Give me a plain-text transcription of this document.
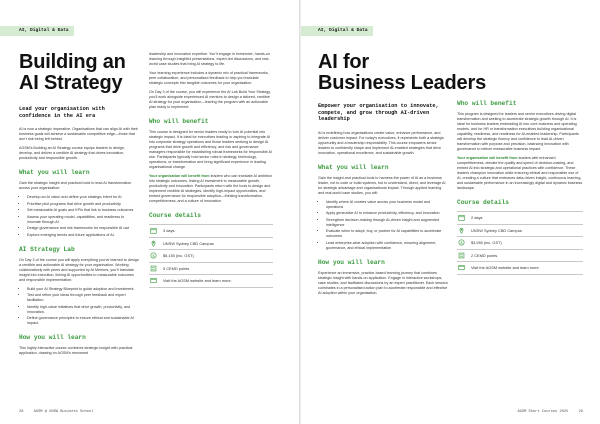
AI, Digital & Data
Building an
AI Strategy
Lead your organisation with confidence in the AI era

AI is now a strategic imperative. Organisations that can align AI with their business goals will achieve a sustainable competitive edge—those that don't risk being left behind.

AGSM's Building an AI Strategy course equips leaders to design, develop, and deliver a credible AI strategy that drives innovation, productivity and responsible growth.

What you will learn

Gain the strategic insight and practical tools to lead AI transformation across your organisation:

• Develop an AI vision and define your strategic intent for AI
• Prioritise pilot programs that drive growth and productivity
• Set measurable AI goals and KPIs that link to business outcomes
• Assess your operating model, capabilities, and readiness to innovate through AI
• Design governance and risk frameworks for responsible AI use
• Explore emerging trends and future applications of AI.
AI Strategy Lab

On Day 3 of the course you will apply everything you've learned to design a credible and actionable AI strategy for your organisation. Working collaboratively with peers and supported by AI Mentors, you'll translate insight into execution, linking AI opportunities to measurable outcomes and responsible implementation:

• Build your AI Strategy Blueprint to guide adoption and investment.
• Test and refine your ideas through peer feedback and expert facilitation.
• Identify high-value initiatives that drive growth, productivity, and innovation.
• Define governance principles to ensure ethical and sustainable AI impact.
How you will learn

This highly interactive course combines strategic insight with practical application, drawing on AGSM's renowned

leadership and innovation expertise. You'll engage in immersive, hands-on learning through insightful presentations, expert-led discussions, and real-world case studies that bring AI strategy to life.

Your learning experience includes a dynamic mix of practical frameworks, peer collaboration, and personalised feedback to help you translate strategic concepts into tangible outcomes for your organisation.

On Day 3 of the course, you will experience the AI Lab Build Your Strategy, you'll work alongside experienced AI mentors to design a tailored, credible AI strategy for your organisation—leaving the program with an actionable plan ready to implement.

Who will benefit

This course is designed for senior leaders ready to turn AI potential into strategic impact. It is ideal for executives leading or aspiring to integrate AI into corporate strategy operations and those leaders seeking to design AI programs that drive growth and efficiency, and risk and governance managers responsible for establishing robust frameworks for responsible AI use. Participants typically hold senior roles in strategy, technology, operations, or transformation and bring significant experience in leading organisational change.

Your organisation will benefit from leaders who can translate AI ambition into strategic outcomes, linking AI investment to measurable growth, productivity and innovation. Participants return with the tools to design and implement credible AI strategies, identify high-impact opportunities, and embed governance for responsible adoption—thinking transformation, competitiveness, and a culture of innovation.

Course details
3 days
UNSW Sydney CBD Campus
$ $5,150 (inc. GST)
5 CEMD points
Visit the AGSM website and learn more.
28	AGSM @ UNSW Business School
AI, Digital & Data
AI for
Business Leaders
Empower your organisation to innovate, compete, and grow through AI-driven leadership

AI is redefining how organisations create value, enhance performance, and deliver customer impact. For today's executives, it represents both a strategic opportunity and a leadership responsibility. This course empowers senior leaders to confidently shape and implement AI-enabled strategies that drive innovation, operational excellence, and sustainable growth.

What you will learn

Gain the insight and practical tools to harness the power of AI as a business leader, not to code or build systems, but to understand, direct, and leverage AI for strategic advantage and organisational impact. Through applied learning and real-world case studies, you will:

• Identify where AI creates value across your business model and operations
• Apply generative AI to enhance productivity, efficiency, and innovation
• Strengthen decision-making through AI-driven insight and augmented intelligence
• Evaluate when to adopt, buy, or partner for AI capabilities to accelerate outcomes
• Lead enterprise-wide adoption with confidence, ensuring alignment, governance, and ethical implementation
How you will learn

Experience an immersive, practice-based learning journey that combines strategic insight with hands-on application. Engage in interactive workshops, case studies, and facilitated discussions by an expert practitioner. Each session culminates in a personalised action plan to accelerate responsible and effective AI adoption within your organisation.

Who will benefit

This program is designed for leaders and senior executives driving digital transformation and seeking to accelerate strategic growth through AI. It is ideal for business leaders embedding AI into core business and operating models, and for HR or transformation executives building organisational capability, readiness, and readiness for AI-enabled leadership. Participants will develop the strategic fluency and confidence to lead AI-driven transformation with purpose and precision, balancing innovation with governance to deliver measurable business impact.

Your organisation will benefit from leaders with enhanced competitiveness, elevate the quality and speed of decision-making, and embed AI into strategic and operational practices with confidence. These leaders champion innovation while ensuring ethical and responsible use of AI, creating a culture that embraces data-driven insight, continuous learning, and sustainable performance in an increasingly digital and dynamic business landscape.

Course details
2 days
UNSW Sydney CBD Campus
$ $3,950 (inc. GST)
2 CEMD points
Visit the AGSM website and learn more.
AGSM Short Courses 2025	29
